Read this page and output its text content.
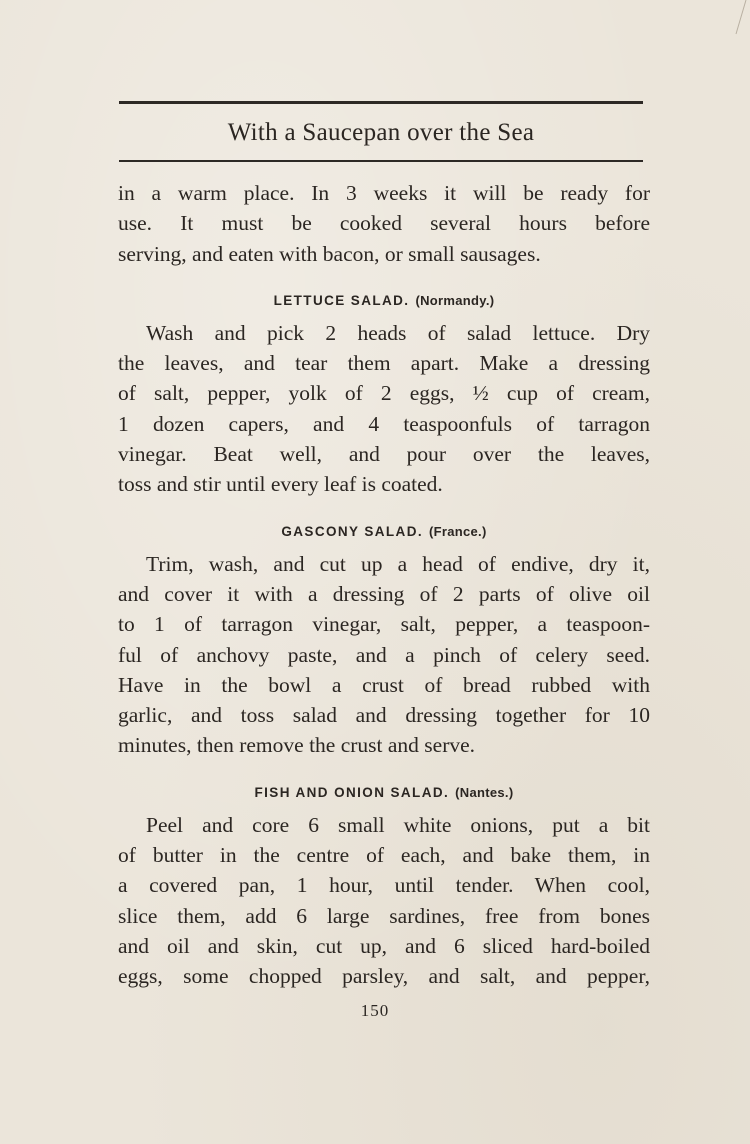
With a Saucepan over the Sea

in a warm place. In 3 weeks it will be ready for
use. It must be cooked several hours before
serving, and eaten with bacon, or small sausages.

LETTUCE SALAD. (Normandy.)

Wash and pick 2 heads of salad lettuce. Dry
the leaves, and tear them apart. Make a dressing
of salt, pepper, yolk of 2 eggs, ½ cup of cream,
1 dozen capers, and 4 teaspoonfuls of tarragon
vinegar. Beat well, and pour over the leaves,
toss and stir until every leaf is coated.

GASCONY SALAD. (France.)

Trim, wash, and cut up a head of endive, dry it,
and cover it with a dressing of 2 parts of olive oil
to 1 of tarragon vinegar, salt, pepper, a teaspoon-
ful of anchovy paste, and a pinch of celery seed.
Have in the bowl a crust of bread rubbed with
garlic, and toss salad and dressing together for 10
minutes, then remove the crust and serve.

FISH AND ONION SALAD. (Nantes.)

Peel and core 6 small white onions, put a bit
of butter in the centre of each, and bake them, in
a covered pan, 1 hour, until tender. When cool,
slice them, add 6 large sardines, free from bones
and oil and skin, cut up, and 6 sliced hard-boiled
eggs, some chopped parsley, and salt, and pepper,

150
